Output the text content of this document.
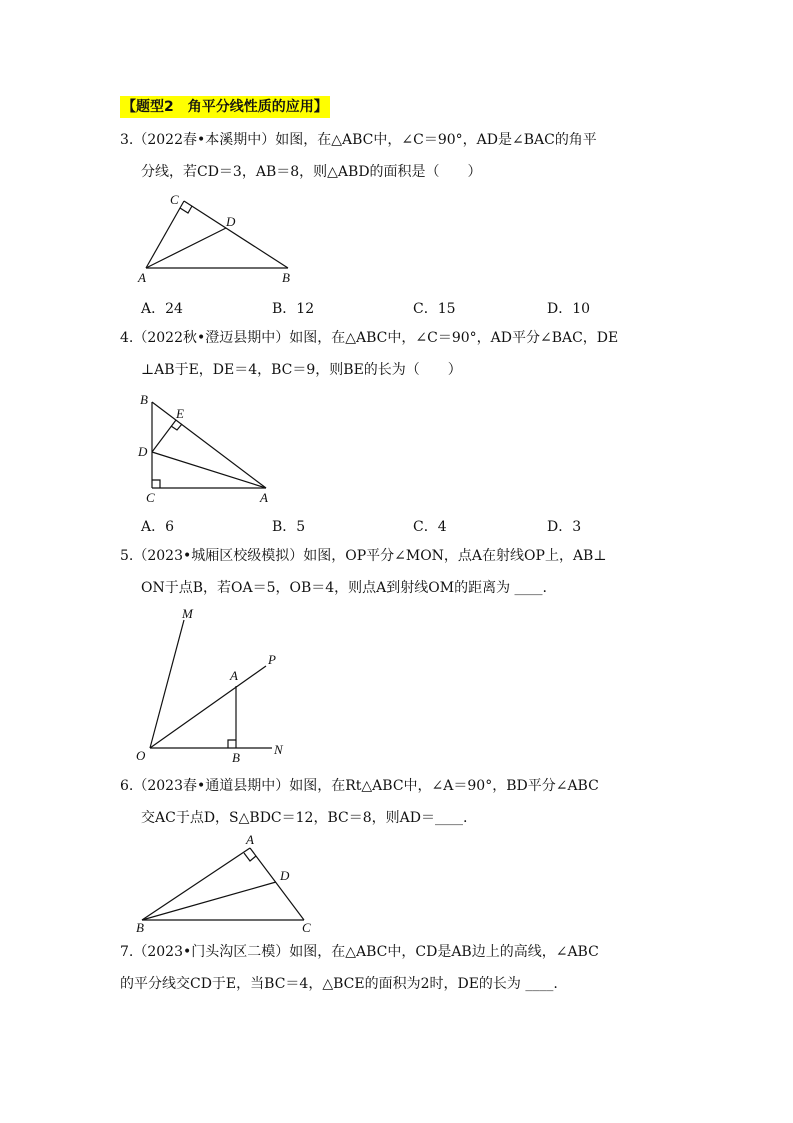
【题型2　角平分线性质的应用】
3.（2022春•本溪期中）如图，在△ABC中，∠C＝90°，AD是∠BAC的角平
分线，若CD＝3，AB＝8，则△ABD的面积是（　　）
C
D
A	B
A．24	B．12	C．15	D．10
4.（2022秋•澄迈县期中）如图，在△ABC中，∠C＝90°，AD平分∠BAC，DE
⊥AB于E，DE＝4，BC＝9，则BE的长为（　　）
B
E
D
C	A
A．6	B．5	C．4	D．3
5.（2023•城厢区校级模拟）如图，OP平分∠MON，点A在射线OP上，AB⊥
ON于点B，若OA＝5，OB＝4，则点A到射线OM的距离为 ____.
M
P
A
O	B
N
6.（2023春•通道县期中）如图，在Rt△ABC中，∠A＝90°，BD平分∠ABC
交AC于点D，S△BDC＝12，BC＝8，则AD＝____.
A
D
B	C
7.（2023•门头沟区二模）如图，在△ABC中，CD是AB边上的高线，∠ABC
的平分线交CD于E，当BC＝4，△BCE的面积为2时，DE的长为 ____.
